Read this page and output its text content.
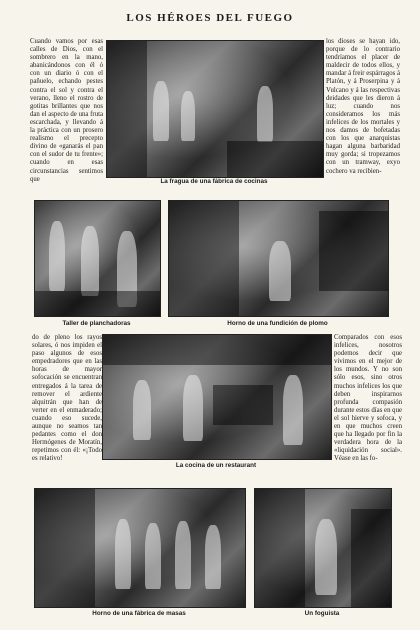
LOS HÉROES DEL FUEGO
Cuando vamos por esas calles de Dios, con el sombrero en la mano, abanicándonos con él ó con un diario ó con el pañuelo, echando pestes contra el sol y contra el verano, lleno el rostro de gotitas brillantes que nos dan el aspecto de una fruta escarchada, y llevando á la práctica con un prosero realismo el precepto divino de «ganarás el pan con el sudor de tu frente»; cuando en esas circunstancias sentimos que	La fragua de una fábrica de cocinas
los dioses se hayan ido, porque de lo contrario tendríamos el placer de maldecir de todos ellos, y mandar á freir espárragos á Platón, y á Proserpina y á Vulcano y á las respectivas deidades que les dieron á luz; cuando nos consideramos los más infelices de los mortales y nos damos de bofetadas con los que anarquistas hagan alguna barbaridad muy gorda; si tropezamos con un tramway, exyo cochero va recibien-
Taller de planchadoras	Horno de una fundición de plomo
do de pleno los rayos solares, ó nos impiden el paso algunos de esos empedradores que en las horas de mayor sofocación se encuentran entregados á la tarea de remover el ardiente alquitrán que han de verter en el enmaderado; cuando eso sucede, aunque no seamos tan pedantes como el don Hermógenes de Moratín, repetimos con él: «¡Todo es relativo!
La cocina de un restaurant
Comparados con esos infelices, nosotros podemos decir que vivimos en el mejor de los mundos. Y no son sólo esos, sino otros muchos infelices los que deben inspirarnos profunda compasión durante estos días en que el sol hierve y sofoca, y en que muchos creen que ha llegado por fin la verdadera hora de la «liquidación social». Véase en las fo-
Horno de una fábrica de masas	Un foguista
